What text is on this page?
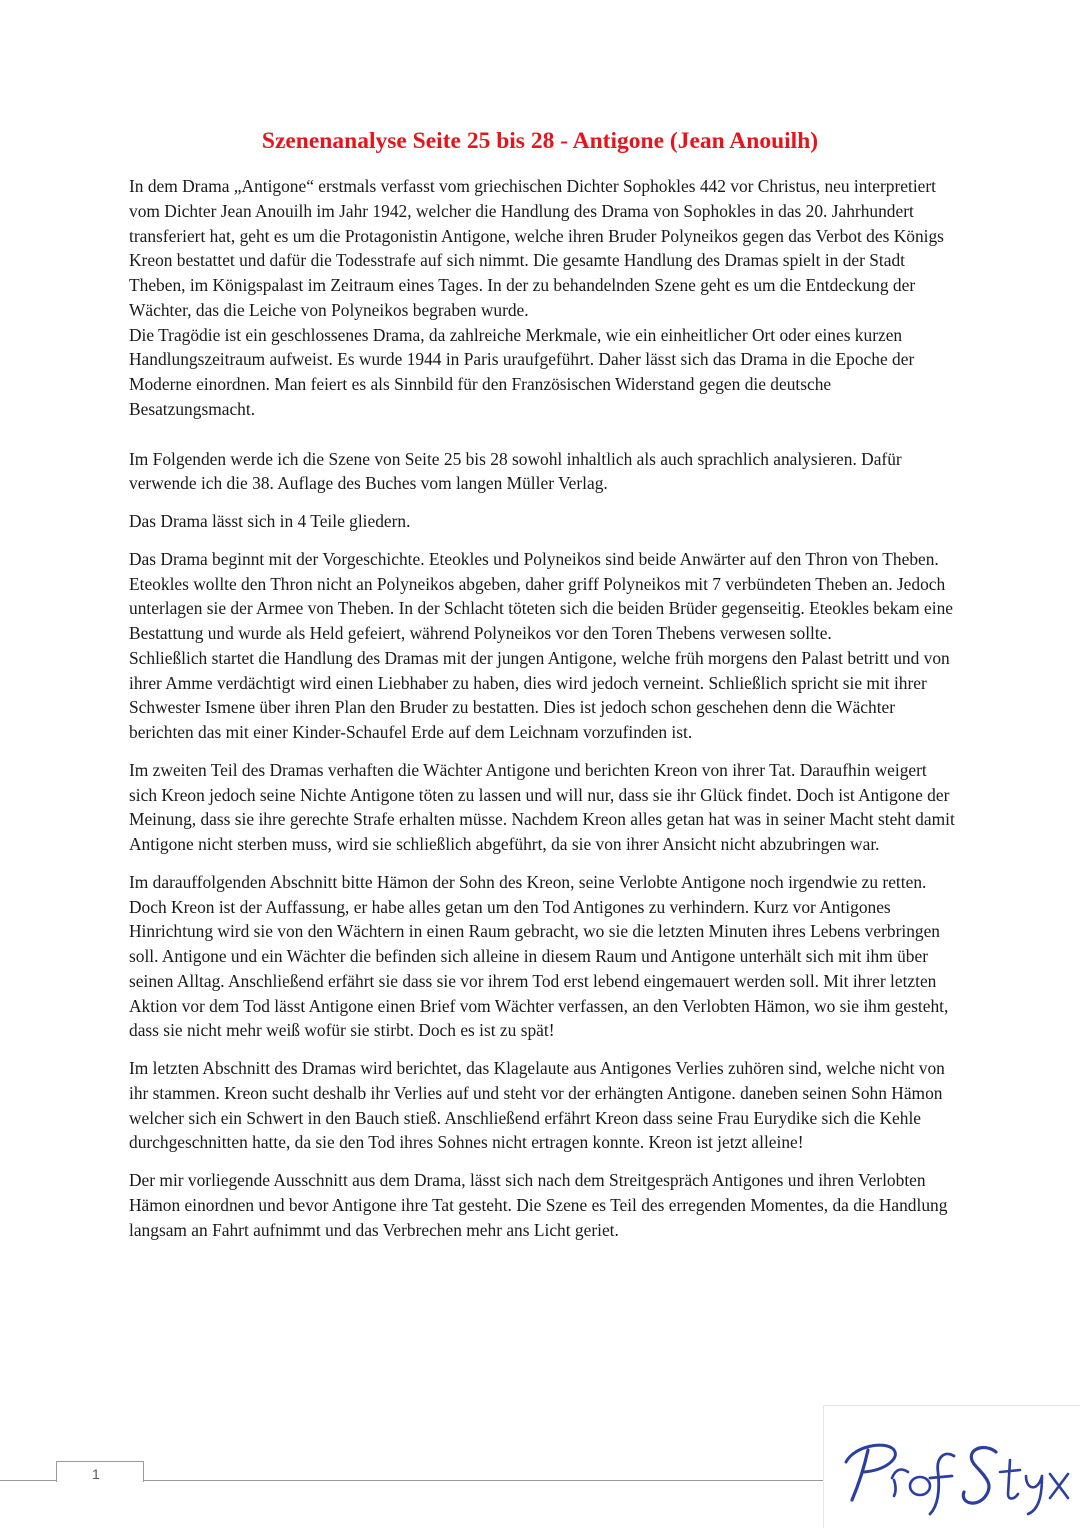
Szenenanalyse Seite 25 bis 28 - Antigone (Jean Anouilh)

In dem Drama „Antigone“ erstmals verfasst vom griechischen Dichter Sophokles 442 vor Christus, neu interpretiert vom Dichter Jean Anouilh im Jahr 1942, welcher die Handlung des Drama von Sophokles in das 20. Jahrhundert transferiert hat, geht es um die Protagonistin Antigone, welche ihren Bruder Polyneikos gegen das Verbot des Königs Kreon bestattet und dafür die Todesstrafe auf sich nimmt. Die gesamte Handlung des Dramas spielt in der Stadt Theben, im Königspalast im Zeitraum eines Tages. In der zu behandelnden Szene geht es um die Entdeckung der Wächter, das die Leiche von Polyneikos begraben wurde.

Die Tragödie ist ein geschlossenes Drama, da zahlreiche Merkmale, wie ein einheitlicher Ort oder eines kurzen Handlungszeitraum aufweist. Es wurde 1944 in Paris uraufgeführt. Daher lässt sich das Drama in die Epoche der Moderne einordnen. Man feiert es als Sinnbild für den Französischen Widerstand gegen die deutsche Besatzungsmacht.

Im Folgenden werde ich die Szene von Seite 25 bis 28 sowohl inhaltlich als auch sprachlich analysieren. Dafür verwende ich die 38. Auflage des Buches vom langen Müller Verlag.

Das Drama lässt sich in 4 Teile gliedern.

Das Drama beginnt mit der Vorgeschichte. Eteokles und Polyneikos sind beide Anwärter auf den Thron von Theben. Eteokles wollte den Thron nicht an Polyneikos abgeben, daher griff Polyneikos mit 7 verbündeten Theben an. Jedoch unterlagen sie der Armee von Theben. In der Schlacht töteten sich die beiden Brüder gegenseitig. Eteokles bekam eine Bestattung und wurde als Held gefeiert, während Polyneikos vor den Toren Thebens verwesen sollte.

Schließlich startet die Handlung des Dramas mit der jungen Antigone, welche früh morgens den Palast betritt und von ihrer Amme verdächtigt wird einen Liebhaber zu haben, dies wird jedoch verneint. Schließlich spricht sie mit ihrer Schwester Ismene über ihren Plan den Bruder zu bestatten. Dies ist jedoch schon geschehen denn die Wächter berichten das mit einer Kinder-Schaufel Erde auf dem Leichnam vorzufinden ist.

Im zweiten Teil des Dramas verhaften die Wächter Antigone und berichten Kreon von ihrer Tat. Daraufhin weigert sich Kreon jedoch seine Nichte Antigone töten zu lassen und will nur, dass sie ihr Glück findet. Doch ist Antigone der Meinung, dass sie ihre gerechte Strafe erhalten müsse. Nachdem Kreon alles getan hat was in seiner Macht steht damit Antigone nicht sterben muss, wird sie schließlich abgeführt, da sie von ihrer Ansicht nicht abzubringen war.

Im darauffolgenden Abschnitt bitte Hämon der Sohn des Kreon, seine Verlobte Antigone noch irgendwie zu retten. Doch Kreon ist der Auffassung, er habe alles getan um den Tod Antigones zu verhindern. Kurz vor Antigones Hinrichtung wird sie von den Wächtern in einen Raum gebracht, wo sie die letzten Minuten ihres Lebens verbringen soll. Antigone und ein Wächter die befinden sich alleine in diesem Raum und Antigone unterhält sich mit ihm über seinen Alltag. Anschließend erfährt sie dass sie vor ihrem Tod erst lebend eingemauert werden soll. Mit ihrer letzten Aktion vor dem Tod lässt Antigone einen Brief vom Wächter verfassen, an den Verlobten Hämon, wo sie ihm gesteht, dass sie nicht mehr weiß wofür sie stirbt. Doch es ist zu spät!

Im letzten Abschnitt des Dramas wird berichtet, das Klagelaute aus Antigones Verlies zuhören sind, welche nicht von ihr stammen. Kreon sucht deshalb ihr Verlies auf und steht vor der erhängten Antigone. daneben seinen Sohn Hämon welcher sich ein Schwert in den Bauch stieß. Anschließend erfährt Kreon dass seine Frau Eurydike sich die Kehle durchgeschnitten hatte, da sie den Tod ihres Sohnes nicht ertragen konnte. Kreon ist jetzt alleine!

Der mir vorliegende Ausschnitt aus dem Drama, lässt sich nach dem Streitgespräch Antigones und ihren Verlobten Hämon einordnen und bevor Antigone ihre Tat gesteht. Die Szene es Teil des erregenden Momentes, da die Handlung langsam an Fahrt aufnimmt und das Verbrechen mehr ans Licht geriet.

1
